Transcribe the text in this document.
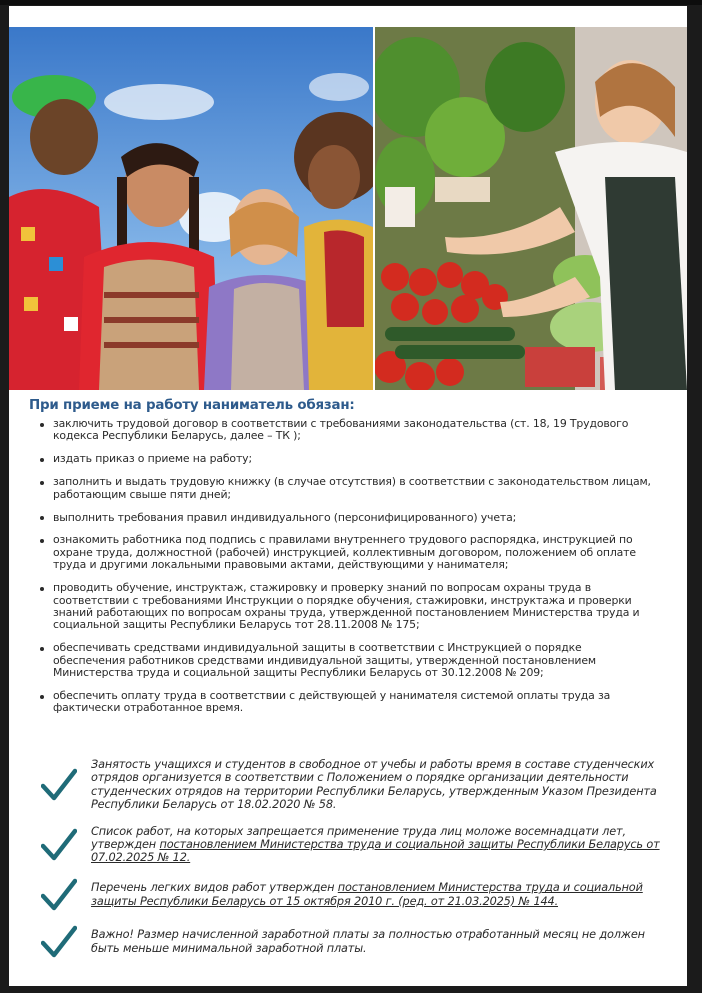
При приеме на работу наниматель обязан:
заключить трудовой договор в соответствии с требованиями законодательства (ст. 18, 19 Трудового кодекса Республики Беларусь, далее – ТК );
издать приказ о приеме на работу;
заполнить и выдать трудовую книжку (в случае отсутствия) в соответствии с законодательством лицам, работающим свыше пяти дней;
выполнить требования правил индивидуального (персонифицированного) учета;
ознакомить работника под подпись с правилами внутреннего трудового распорядка, инструкцией по охране труда, должностной (рабочей) инструкцией, коллективным договором, положением об оплате труда и другими локальными правовыми актами, действующими у нанимателя;
проводить обучение, инструктаж, стажировку и проверку знаний по вопросам охраны труда в соответствии с требованиями Инструкции о порядке обучения, стажировки, инструктажа и проверки знаний работающих по вопросам охраны труда, утвержденной постановлением Министерства труда и социальной защиты Республики Беларусь тот 28.11.2008 № 175;
обеспечивать средствами индивидуальной защиты в соответствии с Инструкцией о порядке обеспечения работников средствами индивидуальной защиты, утвержденной постановлением Министерства труда и социальной защиты Республики Беларусь от 30.12.2008 № 209;
обеспечить оплату труда в соответствии с действующей у нанимателя системой оплаты труда за фактически отработанное время.
Занятость учащихся и студентов в свободное от учебы и работы время в составе студенческих отрядов организуется в соответствии с Положением о порядке организации деятельности студенческих отрядов на территории Республики Беларусь, утвержденным Указом Президента Республики Беларусь от 18.02.2020 № 58.
Список работ, на которых запрещается применение труда лиц моложе восемнадцати лет, утвержден постановлением Министерства труда и социальной защиты Республики Беларусь от 07.02.2025 № 12.
Перечень легких видов работ утвержден постановлением Министерства труда и социальной защиты Республики Беларусь от 15 октября 2010 г. (ред. от 21.03.2025) № 144.
Важно! Размер начисленной заработной платы за полностью отработанный месяц не должен быть меньше минимальной заработной платы.
